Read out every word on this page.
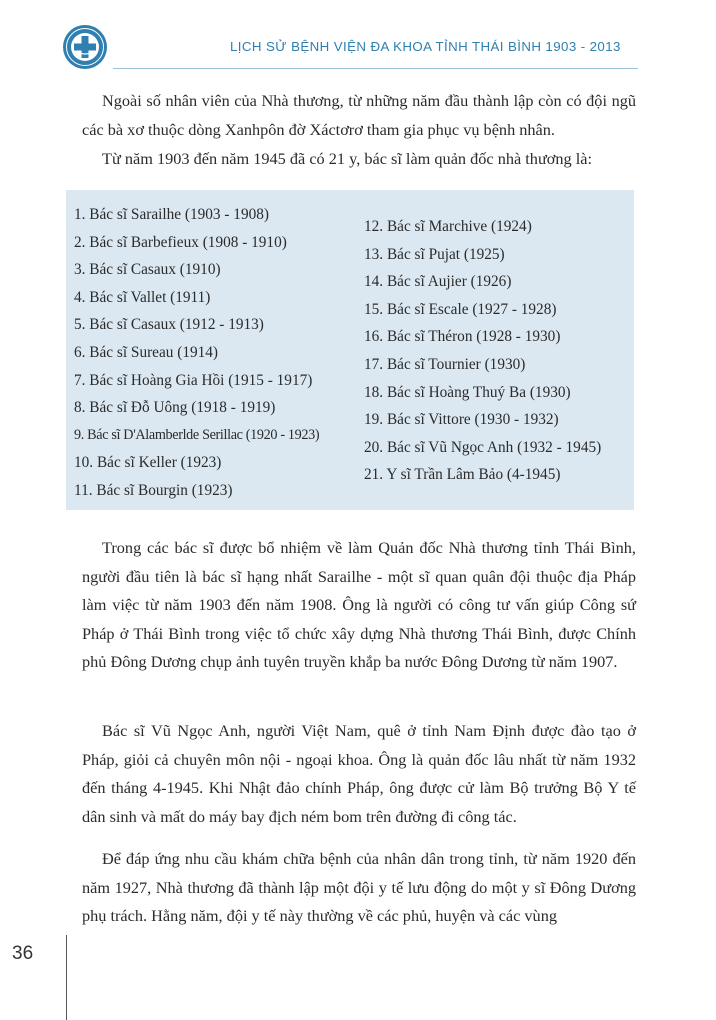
LỊCH SỬ BỆNH VIỆN ĐA KHOA TỈNH THÁI BÌNH 1903 - 2013

Ngoài số nhân viên của Nhà thương, từ những năm đầu thành lập còn có đội ngũ các bà xơ thuộc dòng Xanhpôn đờ Xáctơrơ tham gia phục vụ bệnh nhân.

Từ năm 1903 đến năm 1945 đã có 21 y, bác sĩ làm quản đốc nhà thương là:

1. Bác sĩ Sarailhe (1903 - 1908)
2. Bác sĩ Barbefieux (1908 - 1910)
3. Bác sĩ Casaux (1910)
4. Bác sĩ Vallet (1911)
5. Bác sĩ Casaux (1912 - 1913)
6. Bác sĩ Sureau (1914)
7. Bác sĩ Hoàng Gia Hồi (1915 - 1917)
8. Bác sĩ Đỗ Uông (1918 - 1919)
9. Bác sĩ D'Alamberlde Serillac (1920 - 1923)
10. Bác sĩ Keller (1923)
11. Bác sĩ Bourgin (1923)
12. Bác sĩ Marchive (1924)
13. Bác sĩ Pujat (1925)
14. Bác sĩ Aujier (1926)
15. Bác sĩ Escale (1927 - 1928)
16. Bác sĩ Théron (1928 - 1930)
17. Bác sĩ Tournier (1930)
18. Bác sĩ Hoàng Thuý Ba (1930)
19. Bác sĩ Vittore (1930 - 1932)
20. Bác sĩ Vũ Ngọc Anh (1932 - 1945)
21. Y sĩ Trần Lâm Bảo (4-1945)

Trong các bác sĩ được bổ nhiệm về làm Quản đốc Nhà thương tỉnh Thái Bình, người đầu tiên là bác sĩ hạng nhất Sarailhe - một sĩ quan quân đội thuộc địa Pháp làm việc từ năm 1903 đến năm 1908. Ông là người có công tư vấn giúp Công sứ Pháp ở Thái Bình trong việc tổ chức xây dựng Nhà thương Thái Bình, được Chính phủ Đông Dương chụp ảnh tuyên truyền khắp ba nước Đông Dương từ năm 1907.

Bác sĩ Vũ Ngọc Anh, người Việt Nam, quê ở tỉnh Nam Định được đào tạo ở Pháp, giỏi cả chuyên môn nội - ngoại khoa. Ông là quản đốc lâu nhất từ năm 1932 đến tháng 4-1945. Khi Nhật đảo chính Pháp, ông được cử làm Bộ trưởng Bộ Y tế dân sinh và mất do máy bay địch ném bom trên đường đi công tác.

Để đáp ứng nhu cầu khám chữa bệnh của nhân dân trong tỉnh, từ năm 1920 đến năm 1927, Nhà thương đã thành lập một đội y tế lưu động do một y sĩ Đông Dương phụ trách. Hằng năm, đội y tế này thường về các phủ, huyện và các vùng

36
